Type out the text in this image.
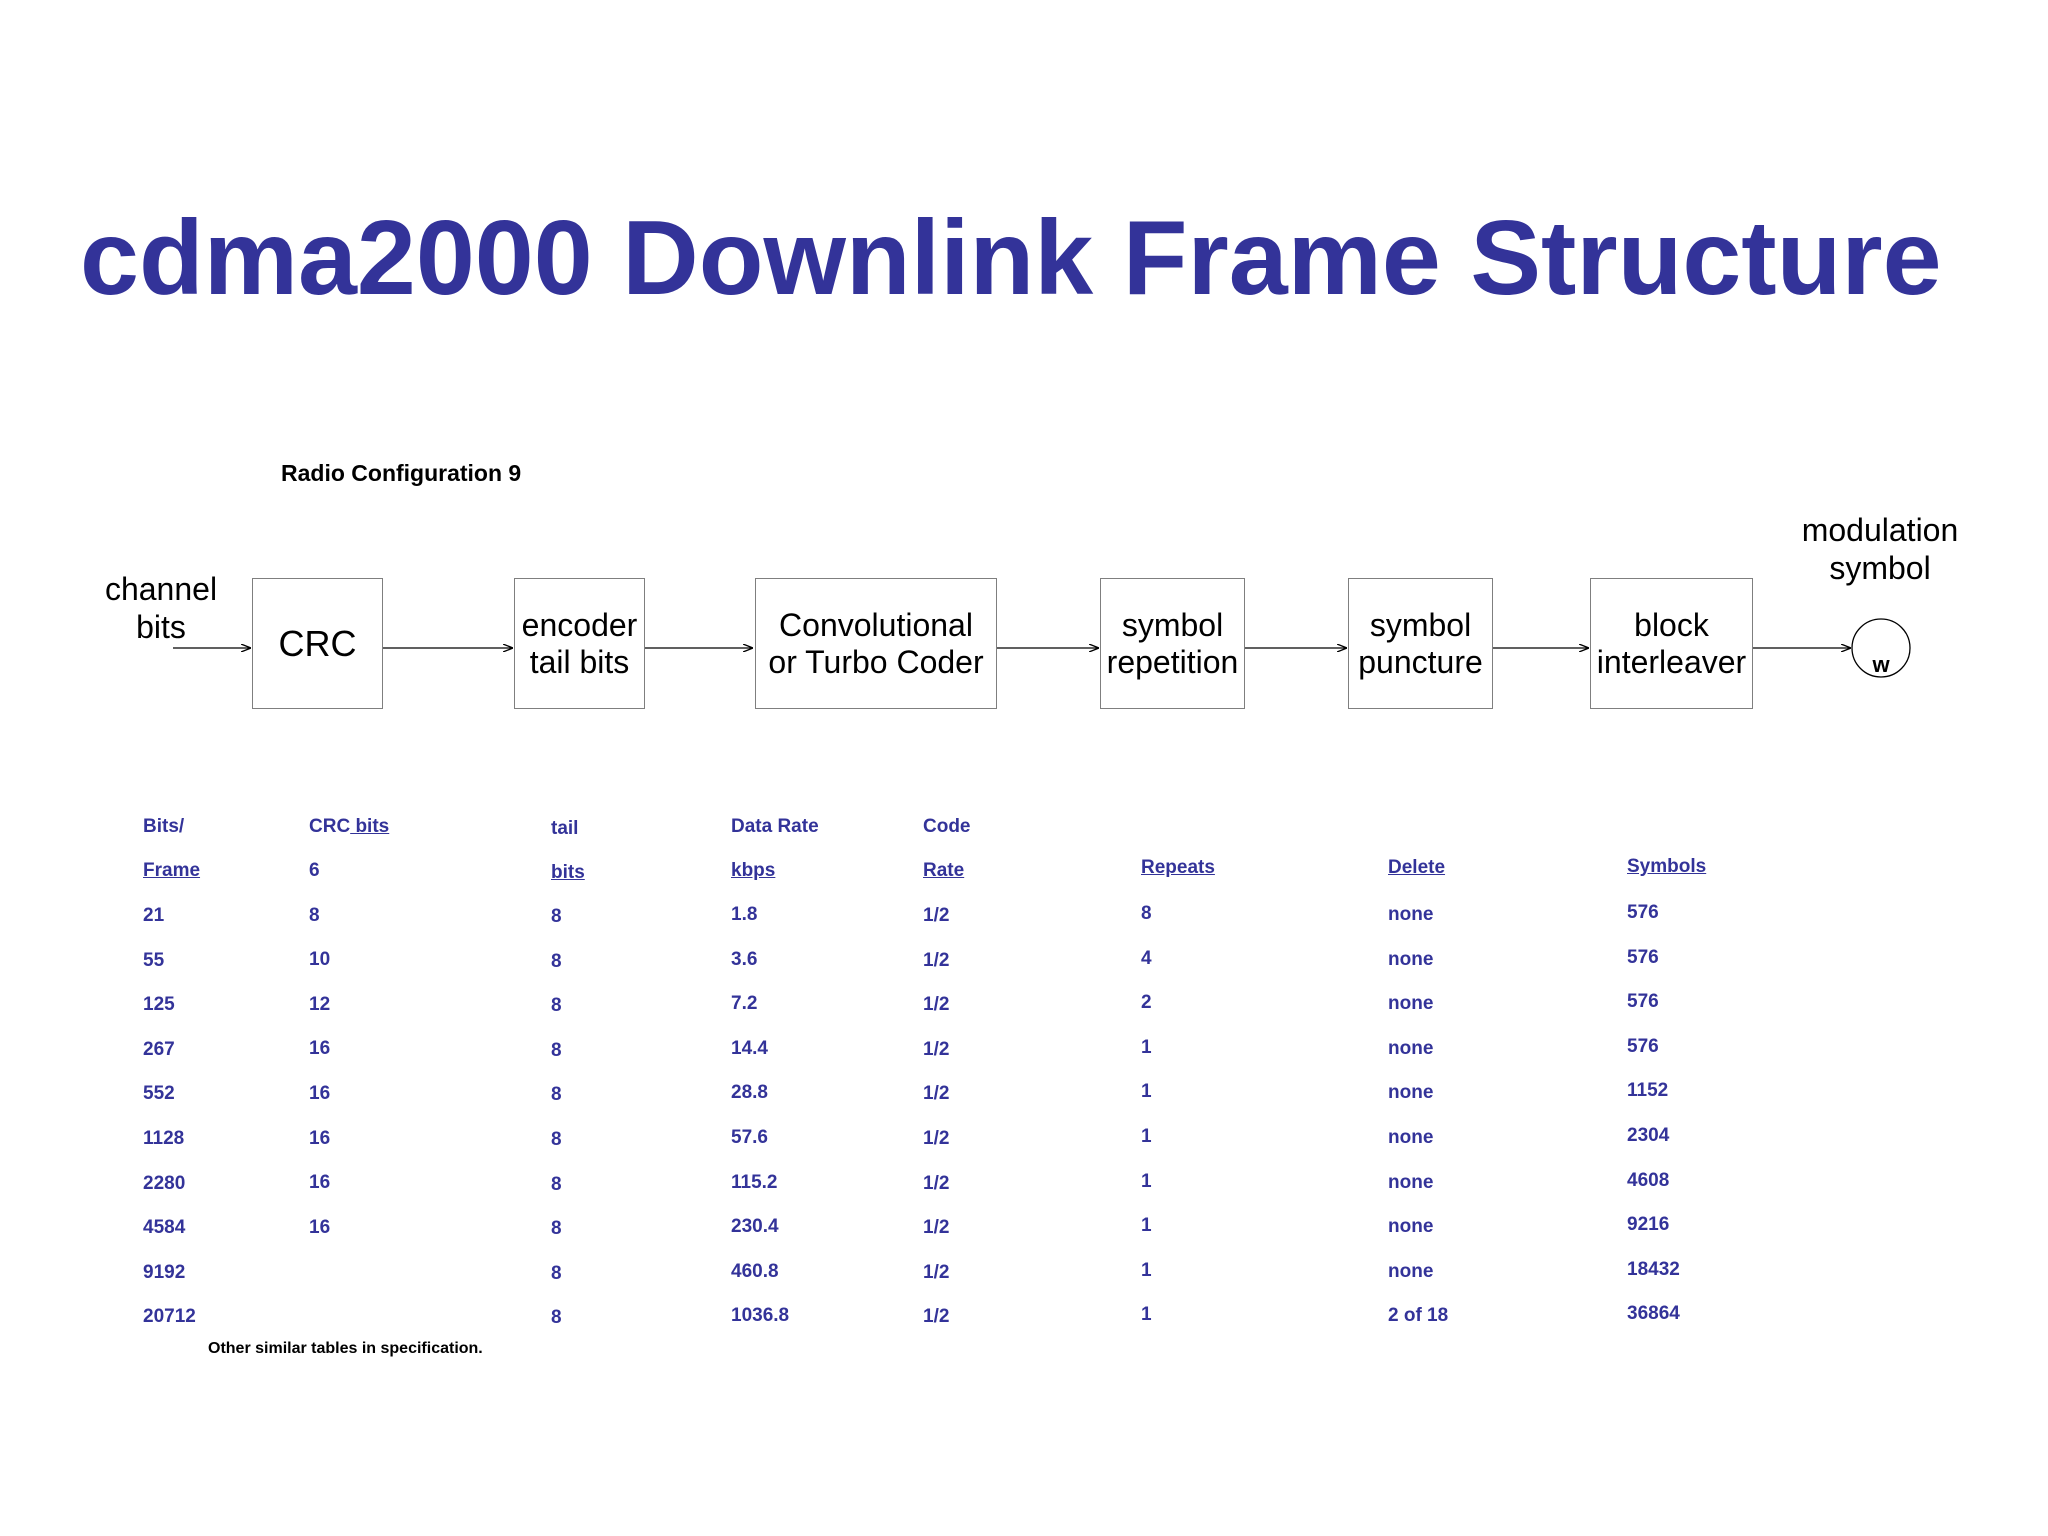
cdma2000 Downlink Frame Structure
Radio Configuration 9
w
channel
bits
modulation
symbol
CRC	encoder
tail bits
Convolutional
or Turbo Coder
symbol
repetition
symbol
puncture
block
interleaver
Bits/
Frame
21
55
125
267
552
1128
2280
4584
9192
20712
CRC bits
6
8
10
12
16
16
16
16
16
tail
bits
8
8
8
8
8
8
8
8
8
8
Data Rate
kbps
1.8
3.6
7.2
14.4
28.8
57.6
115.2
230.4
460.8
1036.8
Code
Rate
1/2
1/2
1/2
1/2
1/2
1/2
1/2
1/2
1/2
1/2
Repeats
8
4
2
1
1
1
1
1
1
1
Delete
none
none
none
none
none
none
none
none
none
2 of 18
Symbols
576
576
576
576
1152
2304
4608
9216
18432
36864
Other similar tables in specification.
